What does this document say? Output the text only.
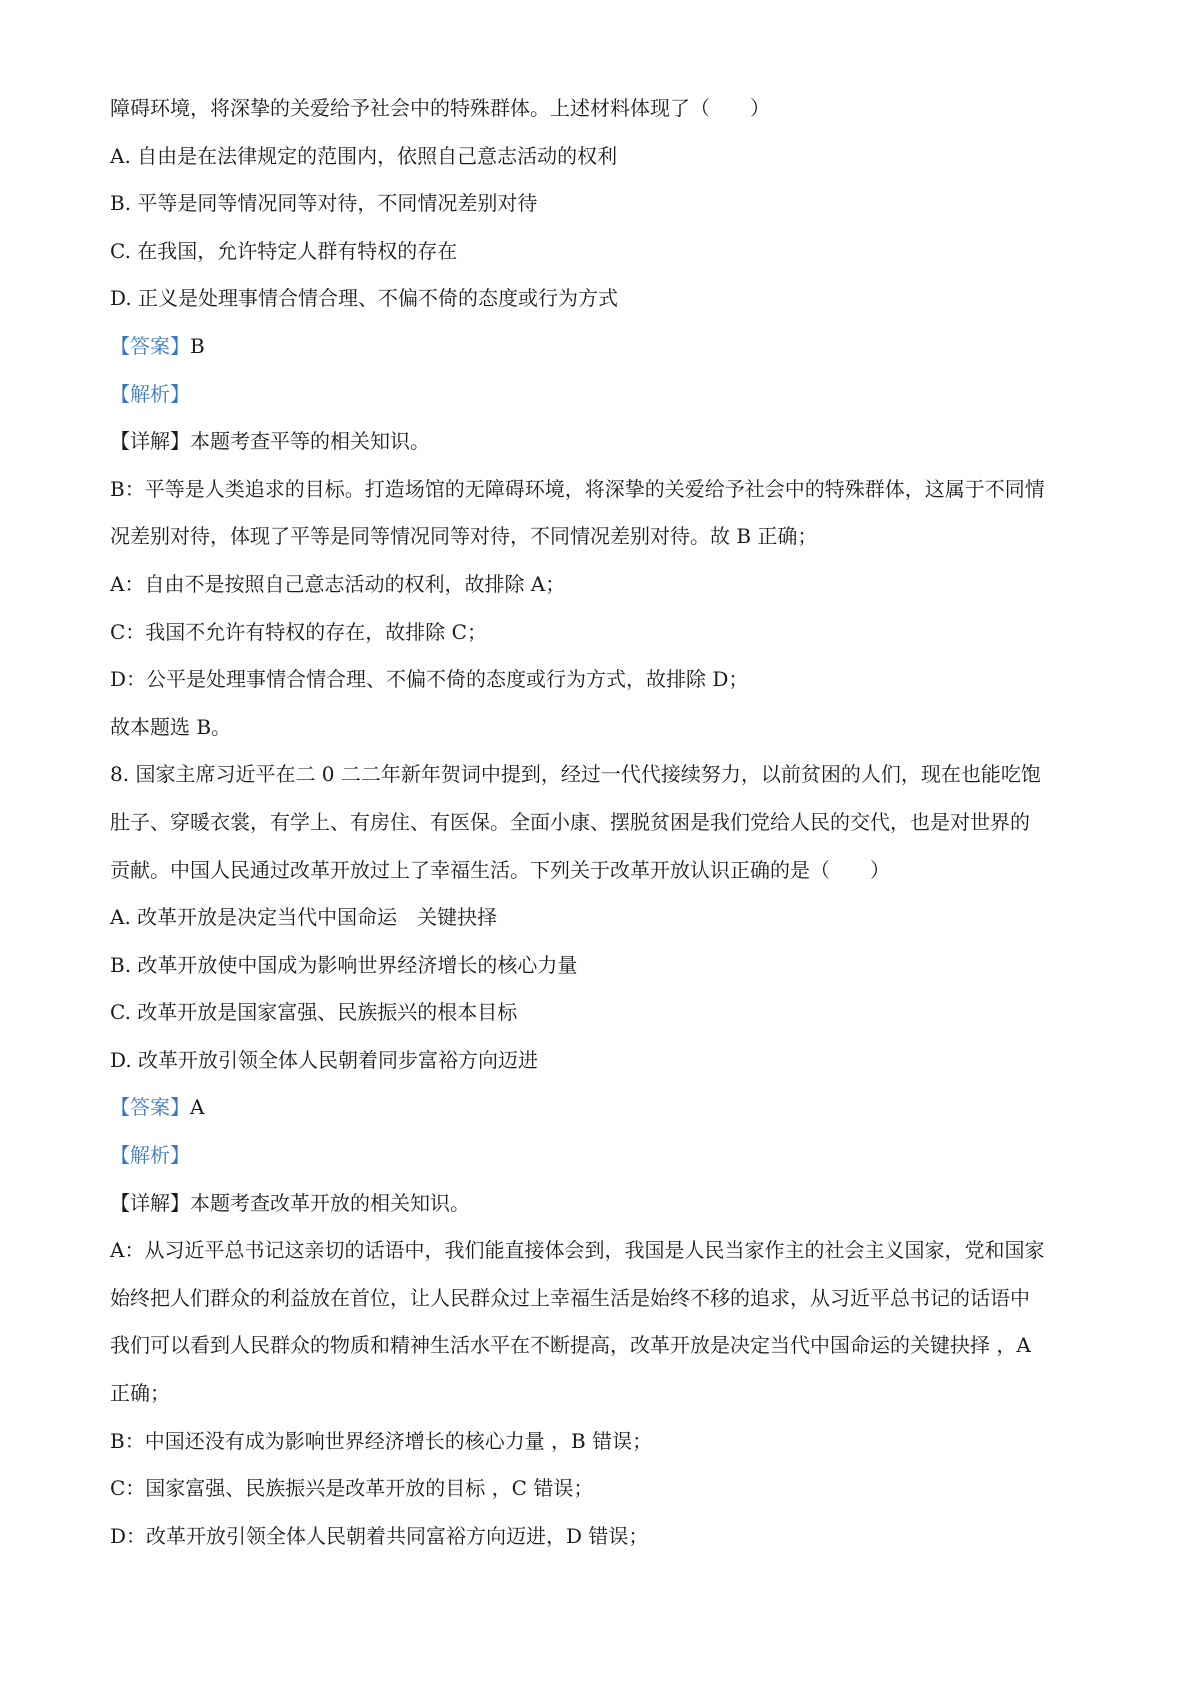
障碍环境，将深挚的关爱给予社会中的特殊群体。上述材料体现了（　　）
A. 自由是在法律规定的范围内，依照自己意志活动的权利
B. 平等是同等情况同等对待，不同情况差别对待
C. 在我国，允许特定人群有特权的存在
D. 正义是处理事情合情合理、不偏不倚的态度或行为方式
【答案】B
【解析】
【详解】本题考查平等的相关知识。
B：平等是人类追求的目标。打造场馆的无障碍环境，将深挚的关爱给予社会中的特殊群体，这属于不同情
况差别对待，体现了平等是同等情况同等对待，不同情况差别对待。故 B 正确；
A：自由不是按照自己意志活动的权利，故排除 A；
C：我国不允许有特权的存在，故排除 C；
D：公平是处理事情合情合理、不偏不倚的态度或行为方式，故排除 D；
故本题选 B。
8. 国家主席习近平在二 0 二二年新年贺词中提到，经过一代代接续努力，以前贫困的人们，现在也能吃饱
肚子、穿暖衣裳，有学上、有房住、有医保。全面小康、摆脱贫困是我们党给人民的交代，也是对世界的
贡献。中国人民通过改革开放过上了幸福生活。下列关于改革开放认识正确的是（　　）
A. 改革开放是决定当代中国命运　关键抉择
B. 改革开放使中国成为影响世界经济增长的核心力量
C. 改革开放是国家富强、民族振兴的根本目标
D. 改革开放引领全体人民朝着同步富裕方向迈进
【答案】A
【解析】
【详解】本题考查改革开放的相关知识。
A：从习近平总书记这亲切的话语中，我们能直接体会到，我国是人民当家作主的社会主义国家，党和国家
始终把人们群众的利益放在首位，让人民群众过上幸福生活是始终不移的追求，从习近平总书记的话语中
我们可以看到人民群众的物质和精神生活水平在不断提高，改革开放是决定当代中国命运的关键抉择 ，A
正确；
B：中国还没有成为影响世界经济增长的核心力量 ，B 错误；
C：国家富强、民族振兴是改革开放的目标 ，C 错误；
D：改革开放引领全体人民朝着共同富裕方向迈进，D 错误；
